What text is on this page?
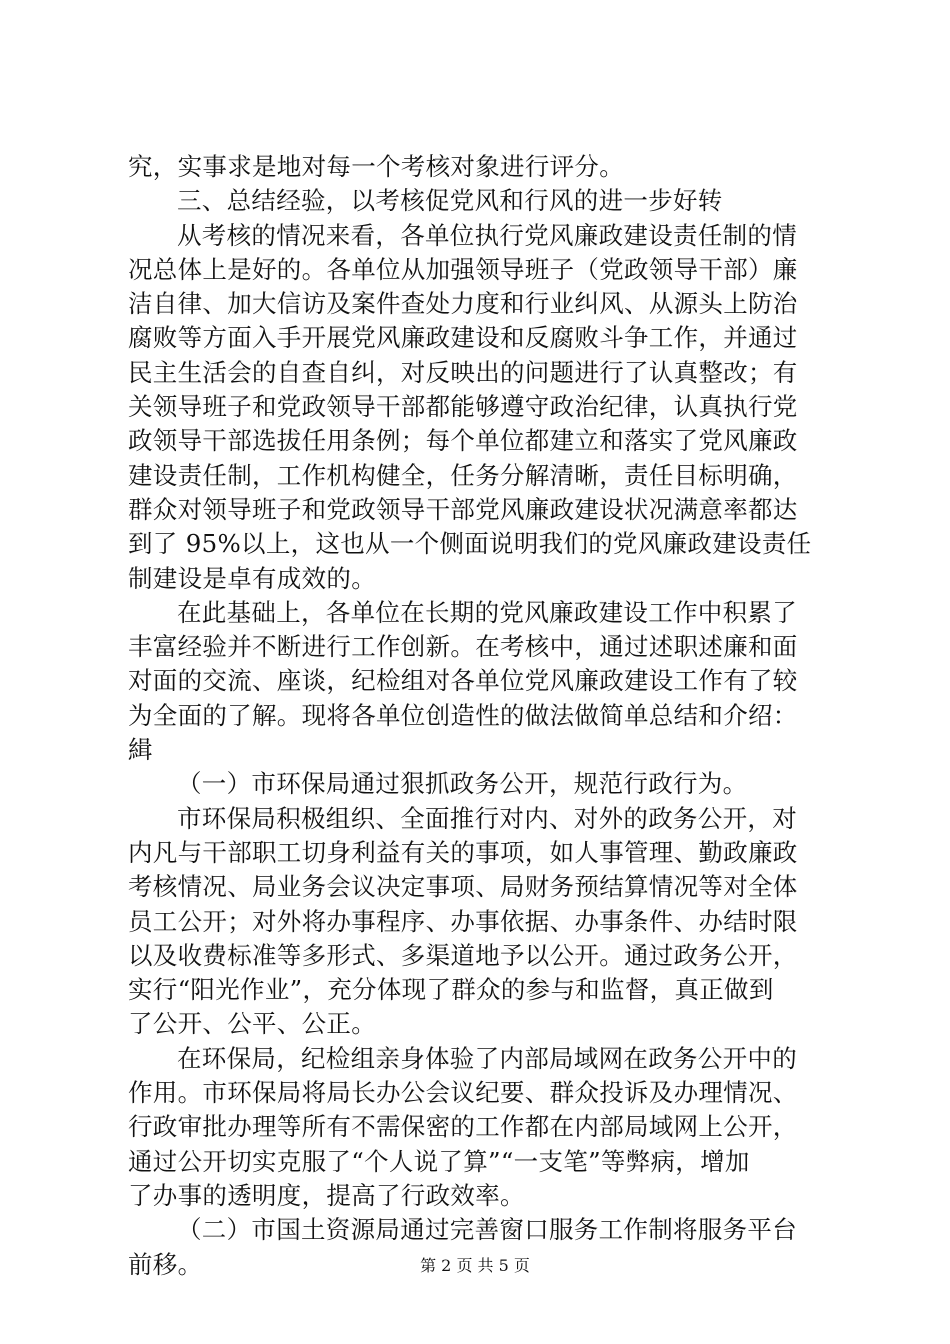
究，实事求是地对每一个考核对象进行评分。
三、总结经验，以考核促党风和行风的进一步好转
从考核的情况来看，各单位执行党风廉政建设责任制的情
况总体上是好的。各单位从加强领导班子（党政领导干部）廉
洁自律、加大信访及案件查处力度和行业纠风、从源头上防治
腐败等方面入手开展党风廉政建设和反腐败斗争工作，并通过
民主生活会的自查自纠，对反映出的问题进行了认真整改；有
关领导班子和党政领导干部都能够遵守政治纪律，认真执行党
政领导干部选拔任用条例；每个单位都建立和落实了党风廉政
建设责任制，工作机构健全，任务分解清晰，责任目标明确，
群众对领导班子和党政领导干部党风廉政建设状况满意率都达
到了 95%以上，这也从一个侧面说明我们的党风廉政建设责任
制建设是卓有成效的。
在此基础上，各单位在长期的党风廉政建设工作中积累了
丰富经验并不断进行工作创新。在考核中，通过述职述廉和面
对面的交流、座谈，纪检组对各单位党风廉政建设工作有了较
为全面的了解。现将各单位创造性的做法做简单总结和介绍：
緝
（一）市环保局通过狠抓政务公开，规范行政行为。
市环保局积极组织、全面推行对内、对外的政务公开，对
内凡与干部职工切身利益有关的事项，如人事管理、勤政廉政
考核情况、局业务会议决定事项、局财务预结算情况等对全体
员工公开；对外将办事程序、办事依据、办事条件、办结时限
以及收费标准等多形式、多渠道地予以公开。通过政务公开，
实行“阳光作业”，充分体现了群众的参与和监督，真正做到
了公开、公平、公正。
在环保局，纪检组亲身体验了内部局域网在政务公开中的
作用。市环保局将局长办公会议纪要、群众投诉及办理情况、
行政审批办理等所有不需保密的工作都在内部局域网上公开，
通过公开切实克服了“个人说了算”“一支笔”等弊病，增加
了办事的透明度，提高了行政效率。
（二）市国土资源局通过完善窗口服务工作制将服务平台
前移。	第 2 页 共 5 页
